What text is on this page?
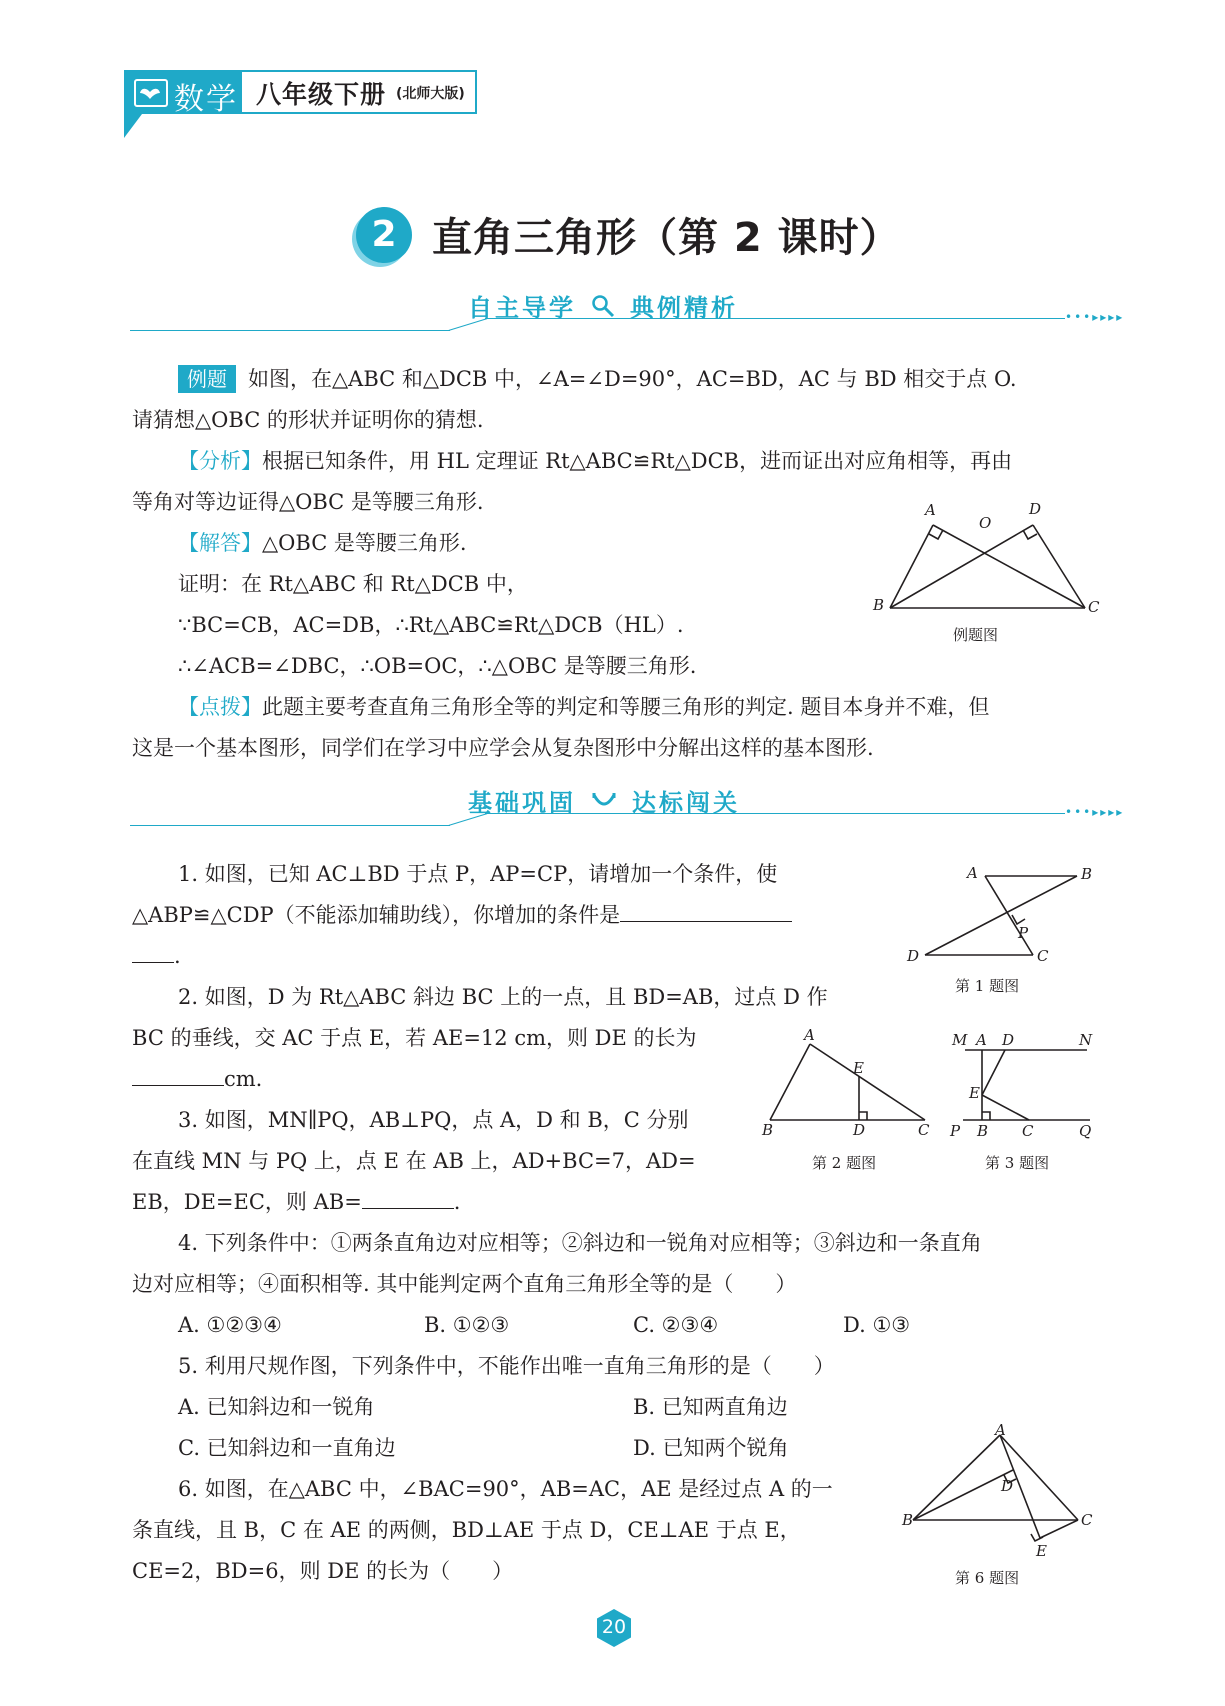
数学 八年级下册 (北师大版)
2 直角三角形（第 2 课时）
•••▸▸▸▸
自主导学 典例精析
例题 如图，在△ABC 和△DCB 中，∠A=∠D=90°，AC=BD，AC 与 BD 相交于点 O.
请猜想△OBC 的形状并证明你的猜想.
【分析】根据已知条件，用 HL 定理证 Rt△ABC≌Rt△DCB，进而证出对应角相等，再由
等角对等边证得△OBC 是等腰三角形.
【解答】△OBC 是等腰三角形.
证明：在 Rt△ABC 和 Rt△DCB 中，
∵BC=CB，AC=DB，∴Rt△ABC≌Rt△DCB（HL）.
∴∠ACB=∠DBC，∴OB=OC，∴△OBC 是等腰三角形.
【点拨】此题主要考查直角三角形全等的判定和等腰三角形的判定. 题目本身并不难，但
这是一个基本图形，同学们在学习中应学会从复杂图形中分解出这样的基本图形.
A	D
O
B	C
例题图
•••▸▸▸▸
基础巩固 达标闯关
1. 如图，已知 AC⊥BD 于点 P，AP=CP，请增加一个条件，使
△ABP≌△CDP（不能添加辅助线），你增加的条件是
.
A	B
P
D	C
第 1 题图
2. 如图，D 为 Rt△ABC 斜边 BC 上的一点，且 BD=AB，过点 D 作
BC 的垂线，交 AC 于点 E，若 AE=12 cm，则 DE 的长为
cm.
A
E
B	D	C
第 2 题图
M A D	N
E
P B C	Q
第 3 题图
3. 如图，MN∥PQ，AB⊥PQ，点 A，D 和 B，C 分别
在直线 MN 与 PQ 上，点 E 在 AB 上，AD+BC=7，AD=
EB，DE=EC，则 AB=	.
4. 下列条件中：①两条直角边对应相等；②斜边和一锐角对应相等；③斜边和一条直角
边对应相等；④面积相等. 其中能判定两个直角三角形全等的是（　　）
A. ①②③④	B. ①②③	C. ②③④	D. ①③
5. 利用尺规作图，下列条件中，不能作出唯一直角三角形的是（　　）
A. 已知斜边和一锐角	B. 已知两直角边
C. 已知斜边和一直角边	D. 已知两个锐角
6. 如图，在△ABC 中，∠BAC=90°，AB=AC，AE 是经过点 A 的一
条直线，且 B，C 在 AE 的两侧，BD⊥AE 于点 D，CE⊥AE 于点 E，
CE=2，BD=6，则 DE 的长为（　　）
A
D
B	C
E
第 6 题图
20
